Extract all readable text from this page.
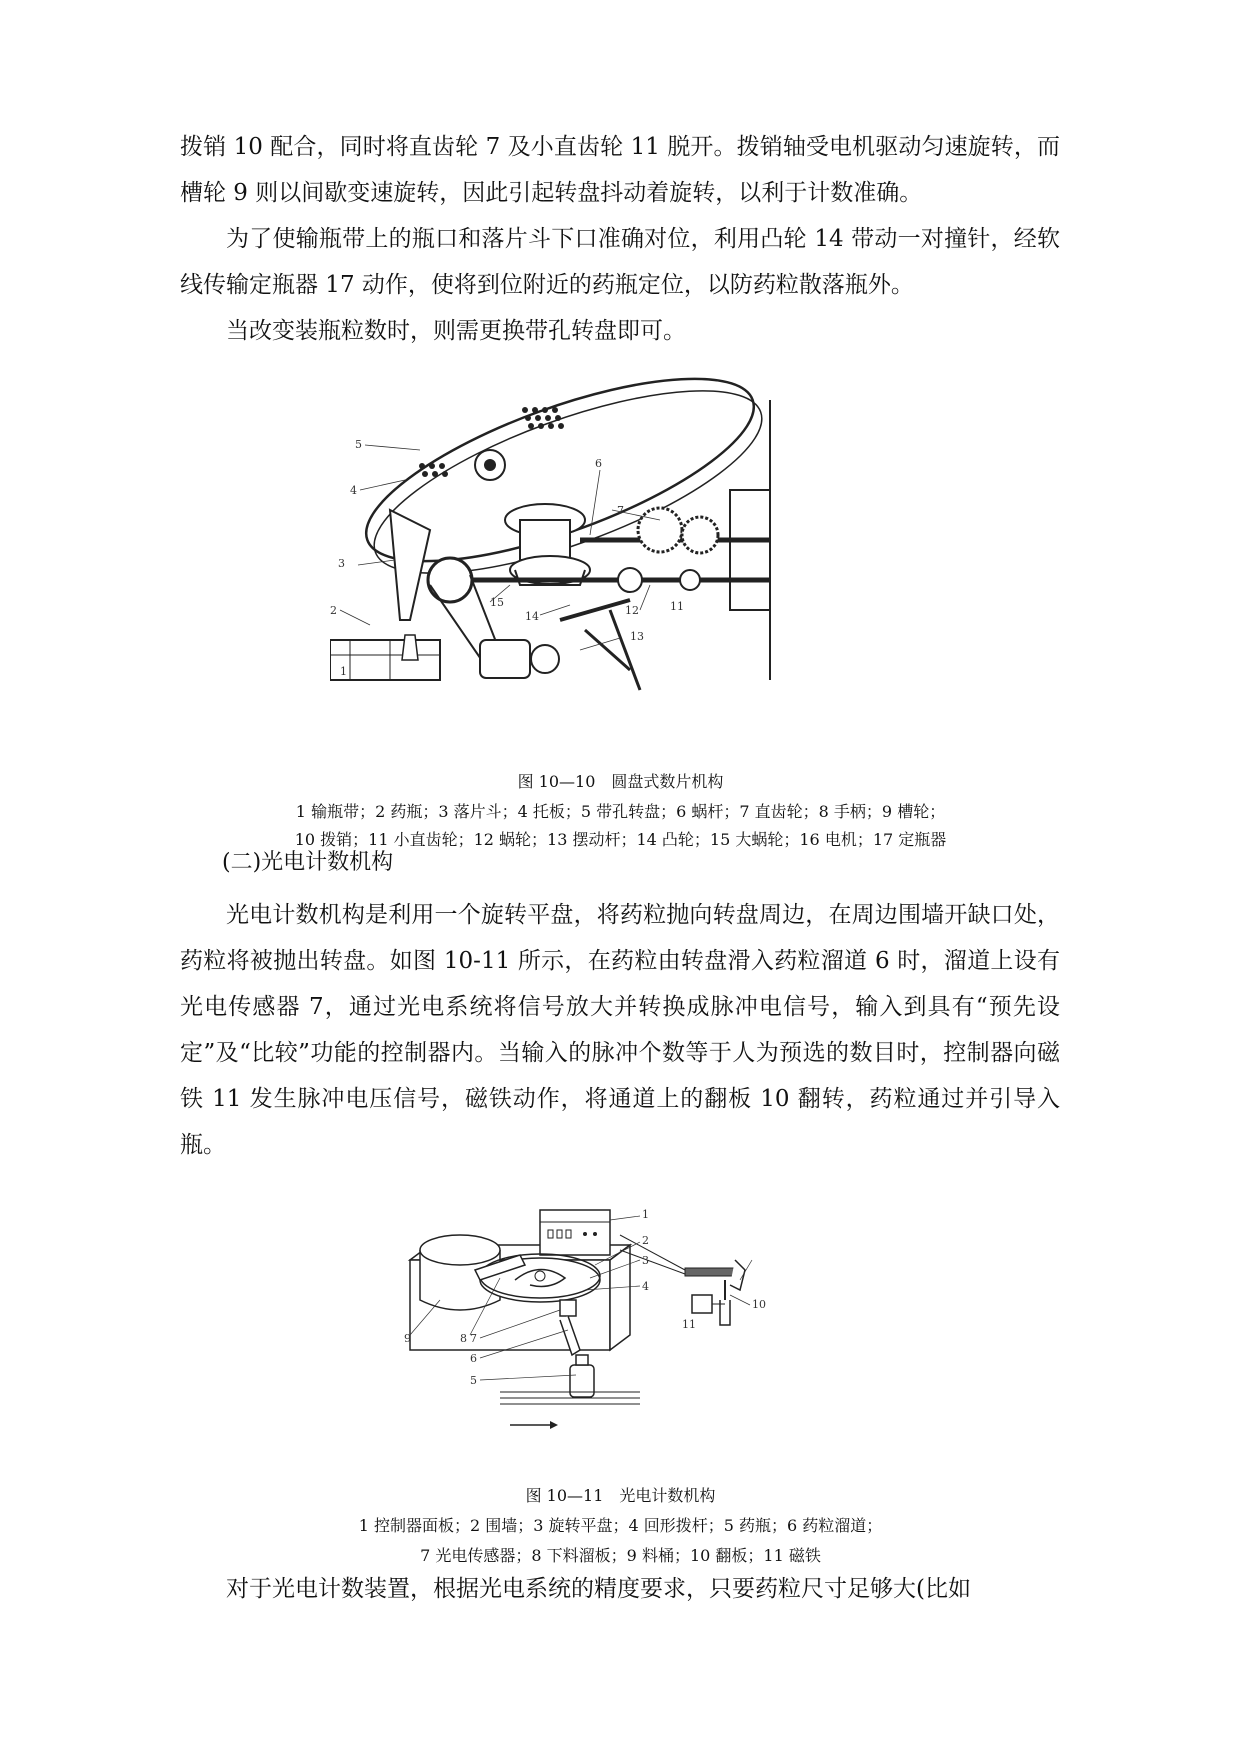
拨销 10 配合，同时将直齿轮 7 及小直齿轮 11 脱开。拨销轴受电机驱动匀速旋转，而槽轮 9 则以间歇变速旋转，因此引起转盘抖动着旋转，以利于计数准确。

为了使输瓶带上的瓶口和落片斗下口准确对位，利用凸轮 14 带动一对撞针，经软线传输定瓶器 17 动作，使将到位附近的药瓶定位，以防药粒散落瓶外。

当改变装瓶粒数时，则需更换带孔转盘即可。

1
2
3
4
5
6
7
11
12
13
14
15

图 10—10　圆盘式数片机构

1 输瓶带；2 药瓶；3 落片斗；4 托板；5 带孔转盘；6 蜗杆；7 直齿轮；8 手柄；9 槽轮；

10 拨销；11 小直齿轮；12 蜗轮；13 摆动杆；14 凸轮；15 大蜗轮；16 电机；17 定瓶器

(二)光电计数机构

光电计数机构是利用一个旋转平盘，将药粒抛向转盘周边，在周边围墙开缺口处，药粒将被抛出转盘。如图 10-11 所示，在药粒由转盘滑入药粒溜道 6 时，溜道上设有光电传感器 7，通过光电系统将信号放大并转换成脉冲电信号，输入到具有“预先设定”及“比较”功能的控制器内。当输入的脉冲个数等于人为预选的数目时，控制器向磁铁 11 发生脉冲电压信号，磁铁动作，将通道上的翻板 10 翻转，药粒通过并引导入瓶。

1
2
3
4
5
6
7
8
9
10
11

图 10—11　光电计数机构

1 控制器面板；2 围墙；3 旋转平盘；4 回形拨杆；5 药瓶；6 药粒溜道；

7 光电传感器；8 下料溜板；9 料桶；10 翻板；11 磁铁

对于光电计数装置，根据光电系统的精度要求，只要药粒尺寸足够大(比如
